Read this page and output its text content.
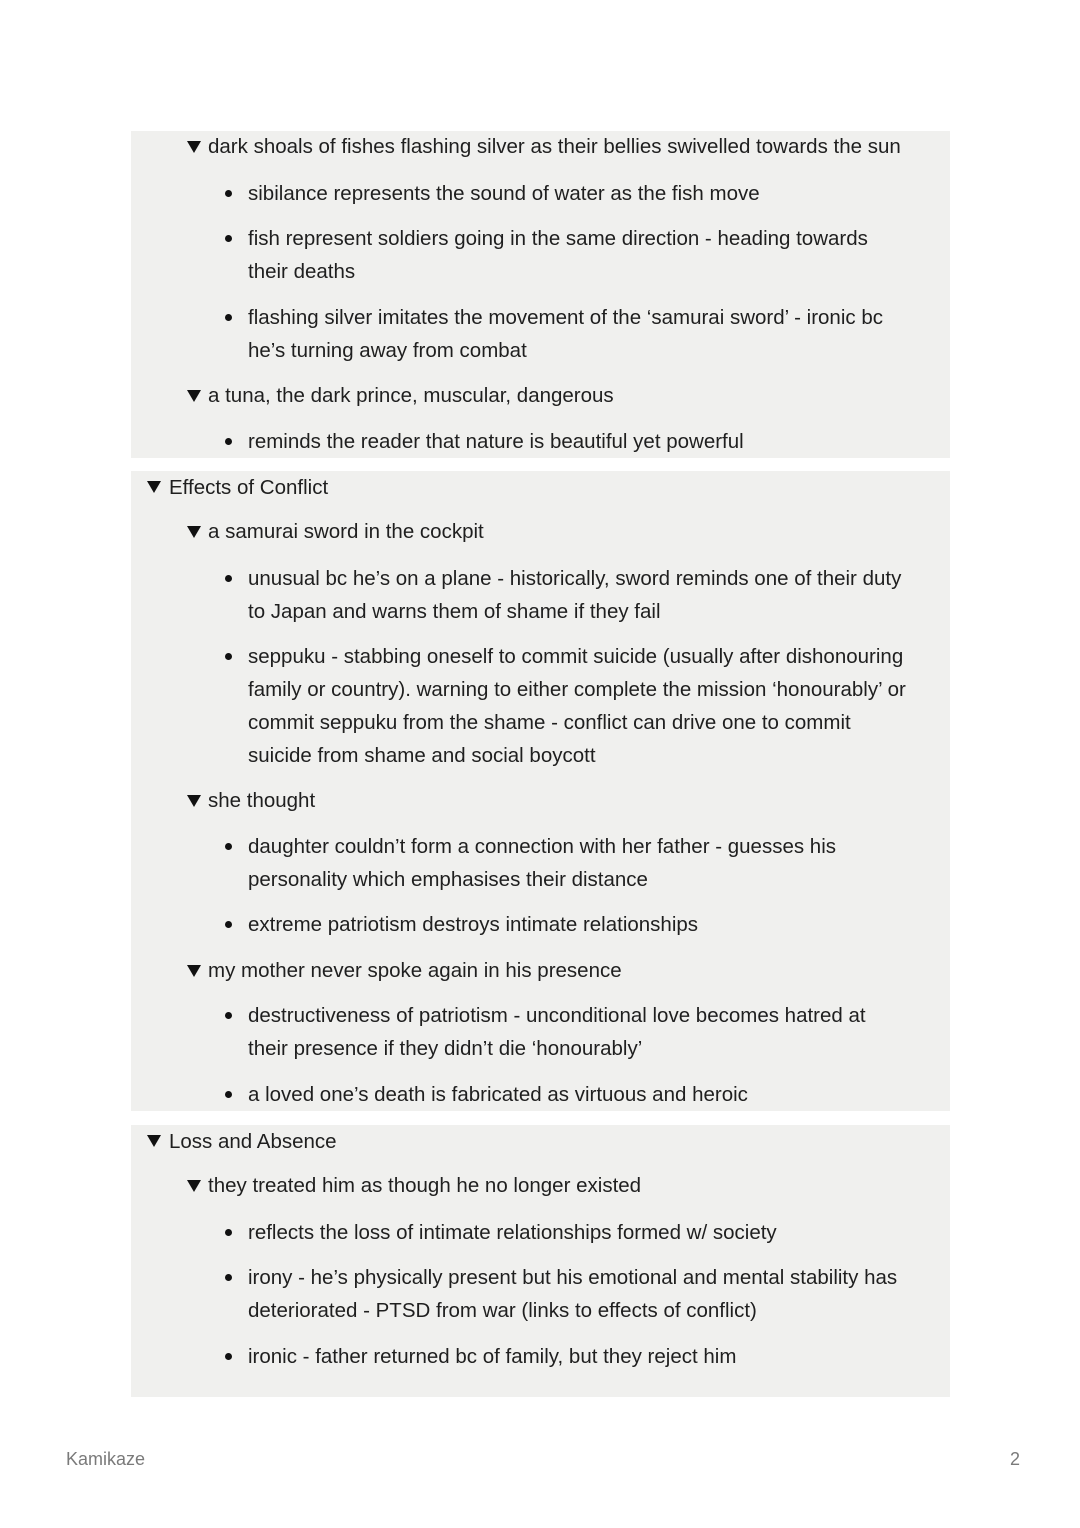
dark shoals of fishes flashing silver as their bellies swivelled towards the sun
sibilance represents the sound of water as the fish move
fish represent soldiers going in the same direction - heading towards
their deaths
flashing silver imitates the movement of the ‘samurai sword’ - ironic bc
he’s turning away from combat
a tuna, the dark prince, muscular, dangerous
reminds the reader that nature is beautiful yet powerful
Effects of Conflict
a samurai sword in the cockpit
unusual bc he’s on a plane - historically, sword reminds one of their duty
to Japan and warns them of shame if they fail
seppuku - stabbing oneself to commit suicide (usually after dishonouring
family or country). warning to either complete the mission ‘honourably’ or
commit seppuku from the shame - conflict can drive one to commit
suicide from shame and social boycott
she thought
daughter couldn’t form a connection with her father - guesses his
personality which emphasises their distance
extreme patriotism destroys intimate relationships
my mother never spoke again in his presence
destructiveness of patriotism - unconditional love becomes hatred at
their presence if they didn’t die ‘honourably’
a loved one’s death is fabricated as virtuous and heroic
Loss and Absence
they treated him as though he no longer existed
reflects the loss of intimate relationships formed w/ society
irony - he’s physically present but his emotional and mental stability has
deteriorated - PTSD from war (links to effects of conflict)
ironic - father returned bc of family, but they reject him
Kamikaze	2
